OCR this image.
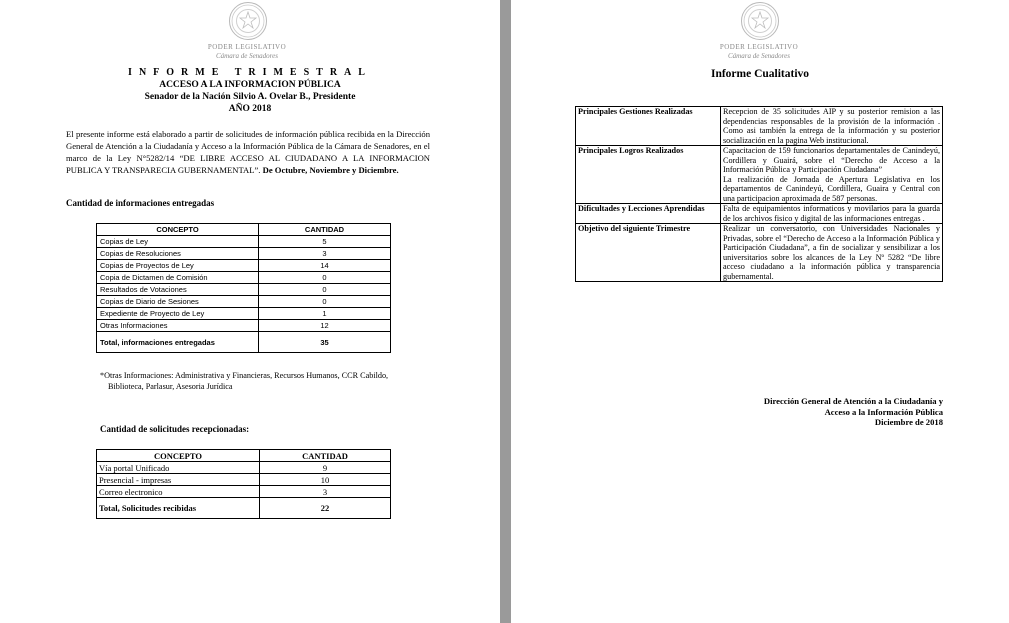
PODER LEGISLATIVO
Cámara de Senadores
INFORME TRIMESTRAL
ACCESO A LA INFORMACION PÚBLICA
Senador de la Nación Silvio A. Ovelar B., Presidente
AÑO 2018
El presente informe está elaborado a partir de solicitudes de información pública recibida en la Dirección General de Atención a la Ciudadanía y Acceso a la Información Pública de la Cámara de Senadores, en el marco de la Ley N°5282/14 “DE LIBRE ACCESO AL CIUDADANO A LA INFORMACION PUBLICA Y TRANSPARECIA GUBERNAMENTAL”. De Octubre, Noviembre y Diciembre.
Cantidad de informaciones entregadas
CONCEPTO	CANTIDAD
Copias de Ley	5
Copias de Resoluciones	3
Copias de Proyectos de Ley	14
Copia de Dictamen de Comisión	0
Resultados de Votaciones	0
Copias de Diario de Sesiones	0
Expediente de Proyecto de Ley	1
Otras Informaciones	12
Total, informaciones entregadas	35
*Otras Informaciones: Administrativa y Financieras, Recursos Humanos, CCR Cabildo,
Biblioteca, Parlasur, Asesoria Jurídica
Cantidad de solicitudes recepcionadas:
CONCEPTO	CANTIDAD
Vía portal Unificado	9
Presencial - impresas	10
Correo electronico	3
Total, Solicitudes recibidas	22
PODER LEGISLATIVO
Cámara de Senadores
Informe Cualitativo
Principales Gestiones Realizadas	Recepcion de 35 solicitudes AIP y su posterior remision a las dependencias responsables de la provisión de la información . Como asi también la entrega de la información y su posterior socialización en la pagina Web institucional.
Principales Logros Realizados	Capacitacion de 159 funcionarios departamentales de Canindeyú, Cordillera y Guairá, sobre el “Derecho de Acceso a la Información Pública y Participación Ciudadana”
La realización de Jornada de Apertura Legislativa en los departamentos de Canindeyú, Cordillera, Guaira y Central con una participacion aproximada de 587 personas.

Dificultades y Lecciones Aprendidas	Falta de equipamientos informaticos y movilarios para la guarda de los archivos fisico y digital de las informaciones entregas .
Objetivo del siguiente Trimestre	Realizar un conversatorio, con Universidades Nacionales y Privadas, sobre el “Derecho de Acceso a la Información Pública y Participación Ciudadana”, a fin de socializar y sensibilizar a los universitarios sobre los alcances de la Ley Nº 5282 “De libre acceso ciudadano a la información pública y transparencia gubernamental.
Dirección General de Atención a la Ciudadanía y
Acceso a la Información Pública
Diciembre de 2018
